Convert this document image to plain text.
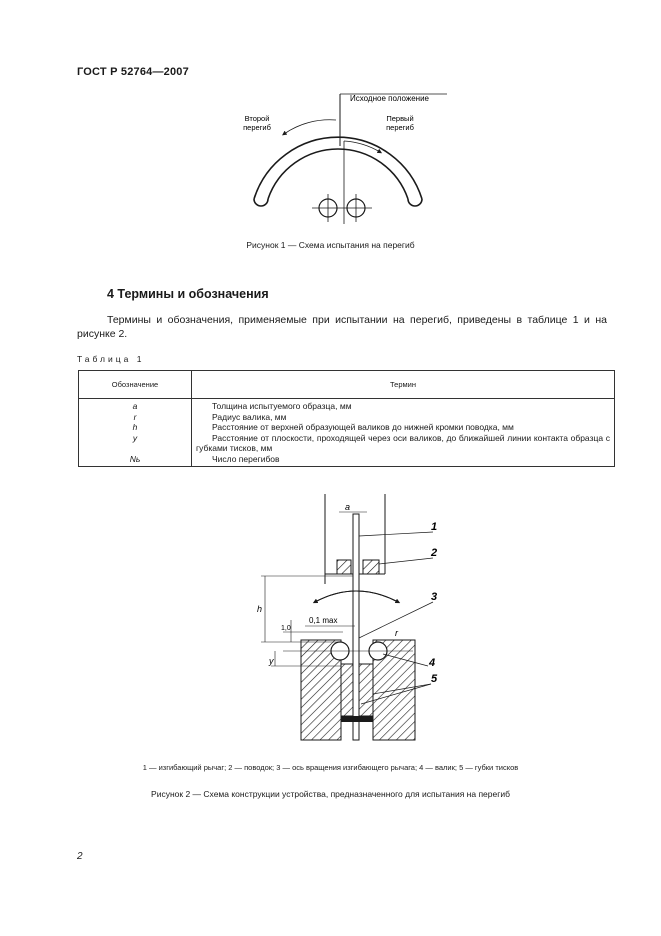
ГОСТ Р 52764—2007
Исходное положение
Второй
перегиб
Первый
перегиб
Рисунок 1 — Схема испытания на перегиб
4 Термины и обозначения
Термины и обозначения, применяемые при испытании на перегиб, приведены в таблице 1 и на рисунке 2.
Таблица 1
Обозначение	Термин
a	Толщина испытуемого образца, мм
r	Радиус валика, мм
h	Расстояние от верхней образующей валиков до нижней кромки поводка, мм
y	Расстояние от плоскости, проходящей через оси валиков, до ближайшей линии контакта образца с губками тисков, мм
Nь	Число перегибов
a
h
y
r
1,0
0,1 max
1
2
3
4
5
1 — изгибающий рычаг; 2 — поводок; 3 — ось вращения изгибающего рычага; 4 — валик; 5 — губки тисков
Рисунок 2 — Схема конструкции устройства, предназначенного для испытания на перегиб
2
